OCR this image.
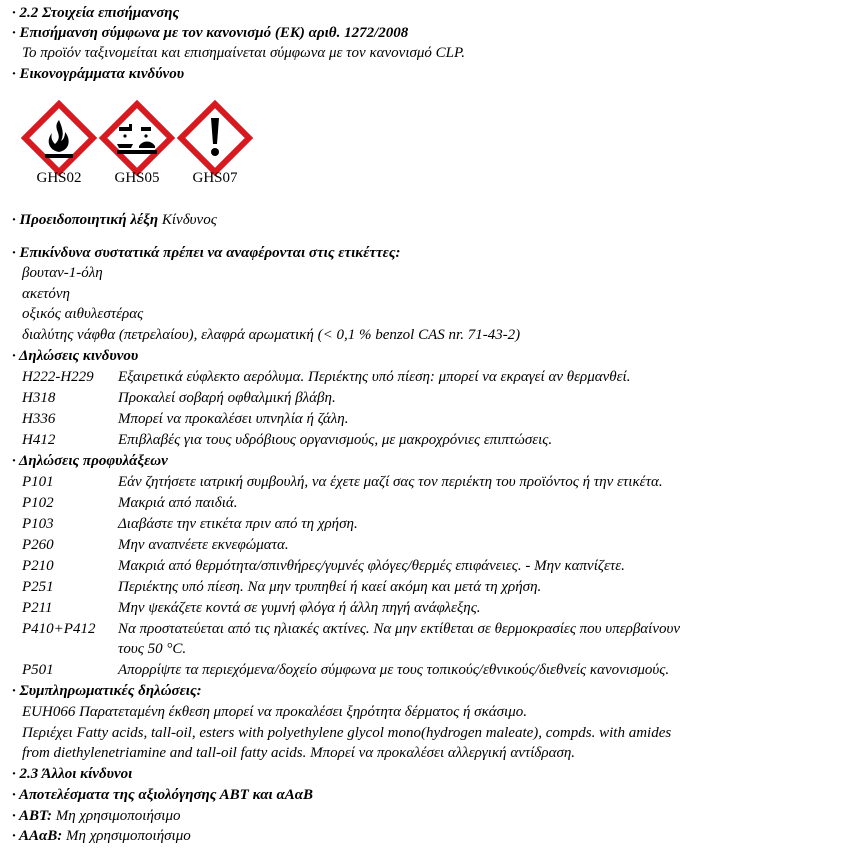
· 2.2 Στοιχεία επισήμανσης
· Επισήμανση σύμφωνα με τον κανονισμό (ΕΚ) αριθ. 1272/2008
Το προϊόν ταξινομείται και επισημαίνεται σύμφωνα με τον κανονισμό CLP.
· Εικονογράμματα κινδύνου
GHS02	GHS05	GHS07
· Προειδοποιητική λέξη Κίνδυνος
· Επικίνδυνα συστατικά πρέπει να αναφέρονται στις ετικέττες:
βουταν-1-όλη
ακετόνη
οξικός αιθυλεστέρας
διαλύτης νάφθα (πετρελαίου), ελαφρά αρωματική (< 0,1 % benzol CAS nr. 71-43-2)
· Δηλώσεις κινδυνου
H222-H229 Εξαιρετικά εύφλεκτο αερόλυμα. Περιέκτης υπό πίεση: μπορεί να εκραγεί αν θερμανθεί.
H318	Προκαλεί σοβαρή οφθαλμική βλάβη.
H336	Μπορεί να προκαλέσει υπνηλία ή ζάλη.
H412	Επιβλαβές για τους υδρόβιους οργανισμούς, με μακροχρόνιες επιπτώσεις.
· Δηλώσεις προφυλάξεων
P101	Εάν ζητήσετε ιατρική συμβουλή, να έχετε μαζί σας τον περιέκτη του προϊόντος ή την ετικέτα.
P102	Μακριά από παιδιά.
P103	Διαβάστε την ετικέτα πριν από τη χρήση.
P260	Μην αναπνέετε εκνεφώματα.
P210	Μακριά από θερμότητα/σπινθήρες/γυμνές φλόγες/θερμές επιφάνειες. - Μην καπνίζετε.
P251	Περιέκτης υπό πίεση. Να μην τρυπηθεί ή καεί ακόμη και μετά τη χρήση.
P211	Μην ψεκάζετε κοντά σε γυμνή φλόγα ή άλλη πηγή ανάφλεξης.
P410+P412 Να προστατεύεται από τις ηλιακές ακτίνες. Να μην εκτίθεται σε θερμοκρασίες που υπερβαίνουν
τους 50 °C.
P501	Απορρίψτε τα περιεχόμενα/δοχείο σύμφωνα με τους τοπικούς/εθνικούς/διεθνείς κανονισμούς.
· Συμπληρωματικές δηλώσεις:
EUH066 Παρατεταμένη έκθεση μπορεί να προκαλέσει ξηρότητα δέρματος ή σκάσιμο.
Περιέχει Fatty acids, tall-oil, esters with polyethylene glycol mono(hydrogen maleate), compds. with amides
from diethylenetriamine and tall-oil fatty acids. Μπορεί να προκαλέσει αλλεργική αντίδραση.
· 2.3 Άλλοι κίνδυνοι
· Αποτελέσματα της αξιολόγησης ΑΒΤ και αΑαΒ
· ΑΒΤ: Μη χρησιμοποιήσιμο
· ΑΑαΒ: Μη χρησιμοποιήσιμο
